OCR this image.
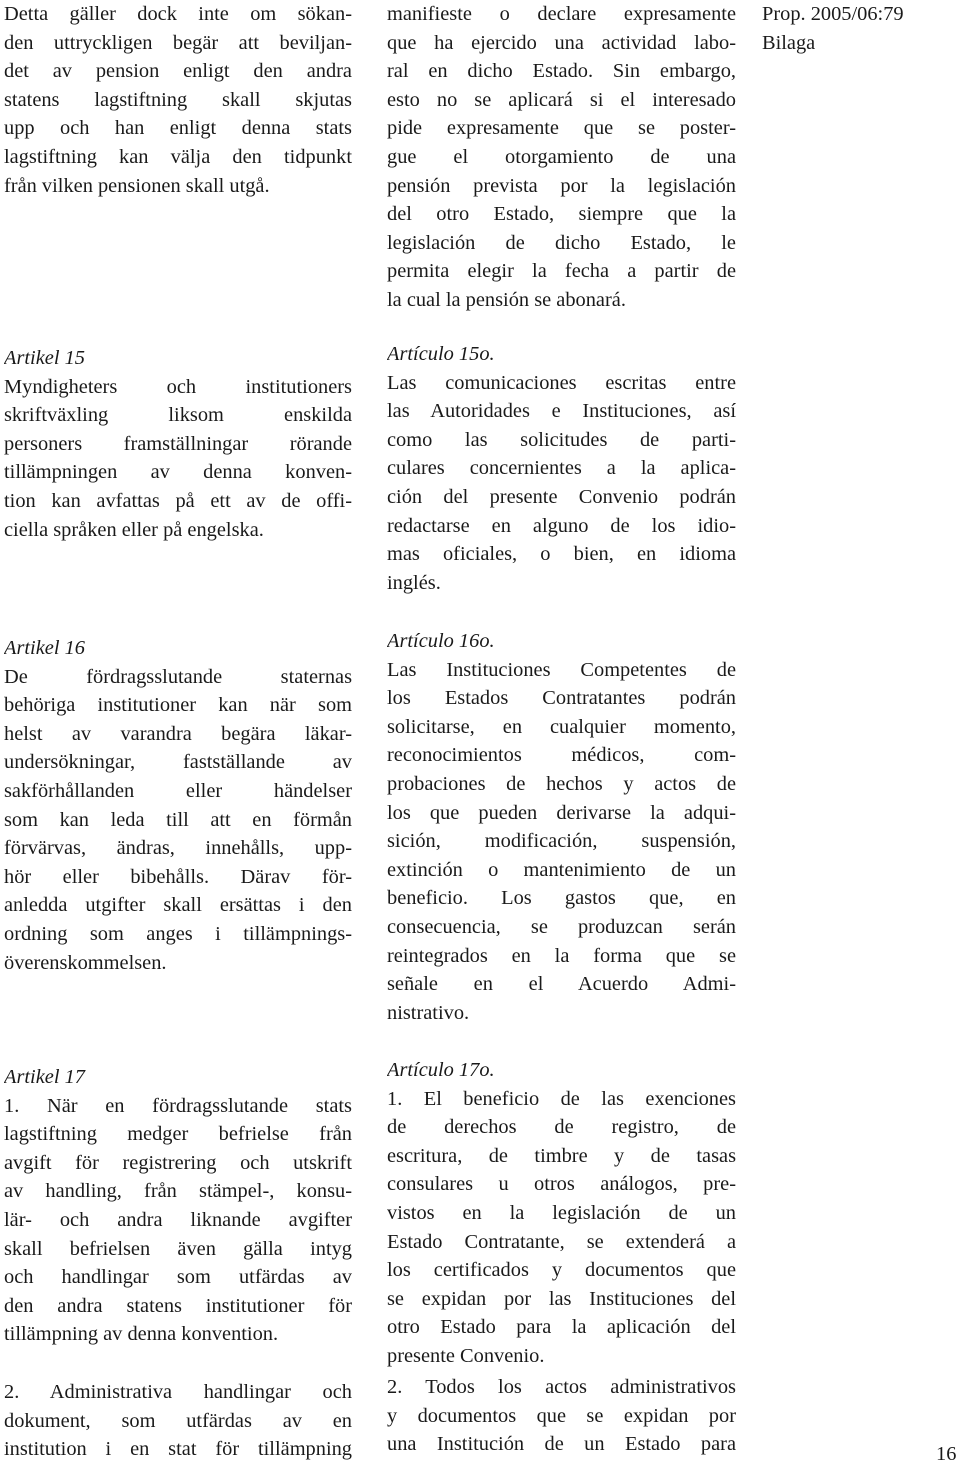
Detta gäller dock inte om sökan-
den uttryckligen begär att beviljan-
det av pension enligt den andra
statens lagstiftning skall skjutas
upp och han enligt denna stats
lagstiftning kan välja den tidpunkt
från vilken pensionen skall utgå.
Artikel 15
Myndigheters och institutioners
skriftväxling liksom enskilda
personers framställningar rörande
tillämpningen av denna konven-
tion kan avfattas på ett av de offi-
ciella språken eller på engelska.
Artikel 16
De fördragsslutande staternas
behöriga institutioner kan när som
helst av varandra begära läkar-
undersökningar, fastställande av
sakförhållanden eller händelser
som kan leda till att en förmån
förvärvas, ändras, innehålls, upp-
hör eller bibehålls. Därav för-
anledda utgifter skall ersättas i den
ordning som anges i tillämpnings-
överenskommelsen.
Artikel 17
1. När en fördragsslutande stats
lagstiftning medger befrielse från
avgift för registrering och utskrift
av handling, från stämpel-, konsu-
lär- och andra liknande avgifter
skall befrielsen även gälla intyg
och handlingar som utfärdas av
den andra statens institutioner för
tillämpning av denna konvention.
2. Administrativa handlingar och
dokument, som utfärdas av en
institution i en stat för tillämpning
manifieste o declare expresamente
que ha ejercido una actividad labo-
ral en dicho Estado. Sin embargo,
esto no se aplicará si el interesado
pide expresamente que se poster-
gue el otorgamiento de una
pensión prevista por la legislación
del otro Estado, siempre que la
legislación de dicho Estado, le
permita elegir la fecha a partir de
la cual la pensión se abonará.
Artículo 15o.
Las comunicaciones escritas entre
las Autoridades e Instituciones, así
como las solicitudes de parti-
culares concernientes a la aplica-
ción del presente Convenio podrán
redactarse en alguno de los idio-
mas oficiales, o bien, en idioma
inglés.
Artículo 16o.
Las Instituciones Competentes de
los Estados Contratantes podrán
solicitarse, en cualquier momento,
reconocimientos médicos, com-
probaciones de hechos y actos de
los que pueden derivarse la adqui-
sición, modificación, suspensión,
extinción o mantenimiento de un
beneficio. Los gastos que, en
consecuencia, se produzcan serán
reintegrados en la forma que se
señale en el Acuerdo Admi-
nistrativo.
Artículo 17o.
1. El beneficio de las exenciones
de derechos de registro, de
escritura, de timbre y de tasas
consulares u otros análogos, pre-
vistos en la legislación de un
Estado Contratante, se extenderá a
los certificados y documentos que
se expidan por las Instituciones del
otro Estado para la aplicación del
presente Convenio.
2. Todos los actos administrativos
y documentos que se expidan por
una Institución de un Estado para
Prop. 2005/06:79
Bilaga
16
